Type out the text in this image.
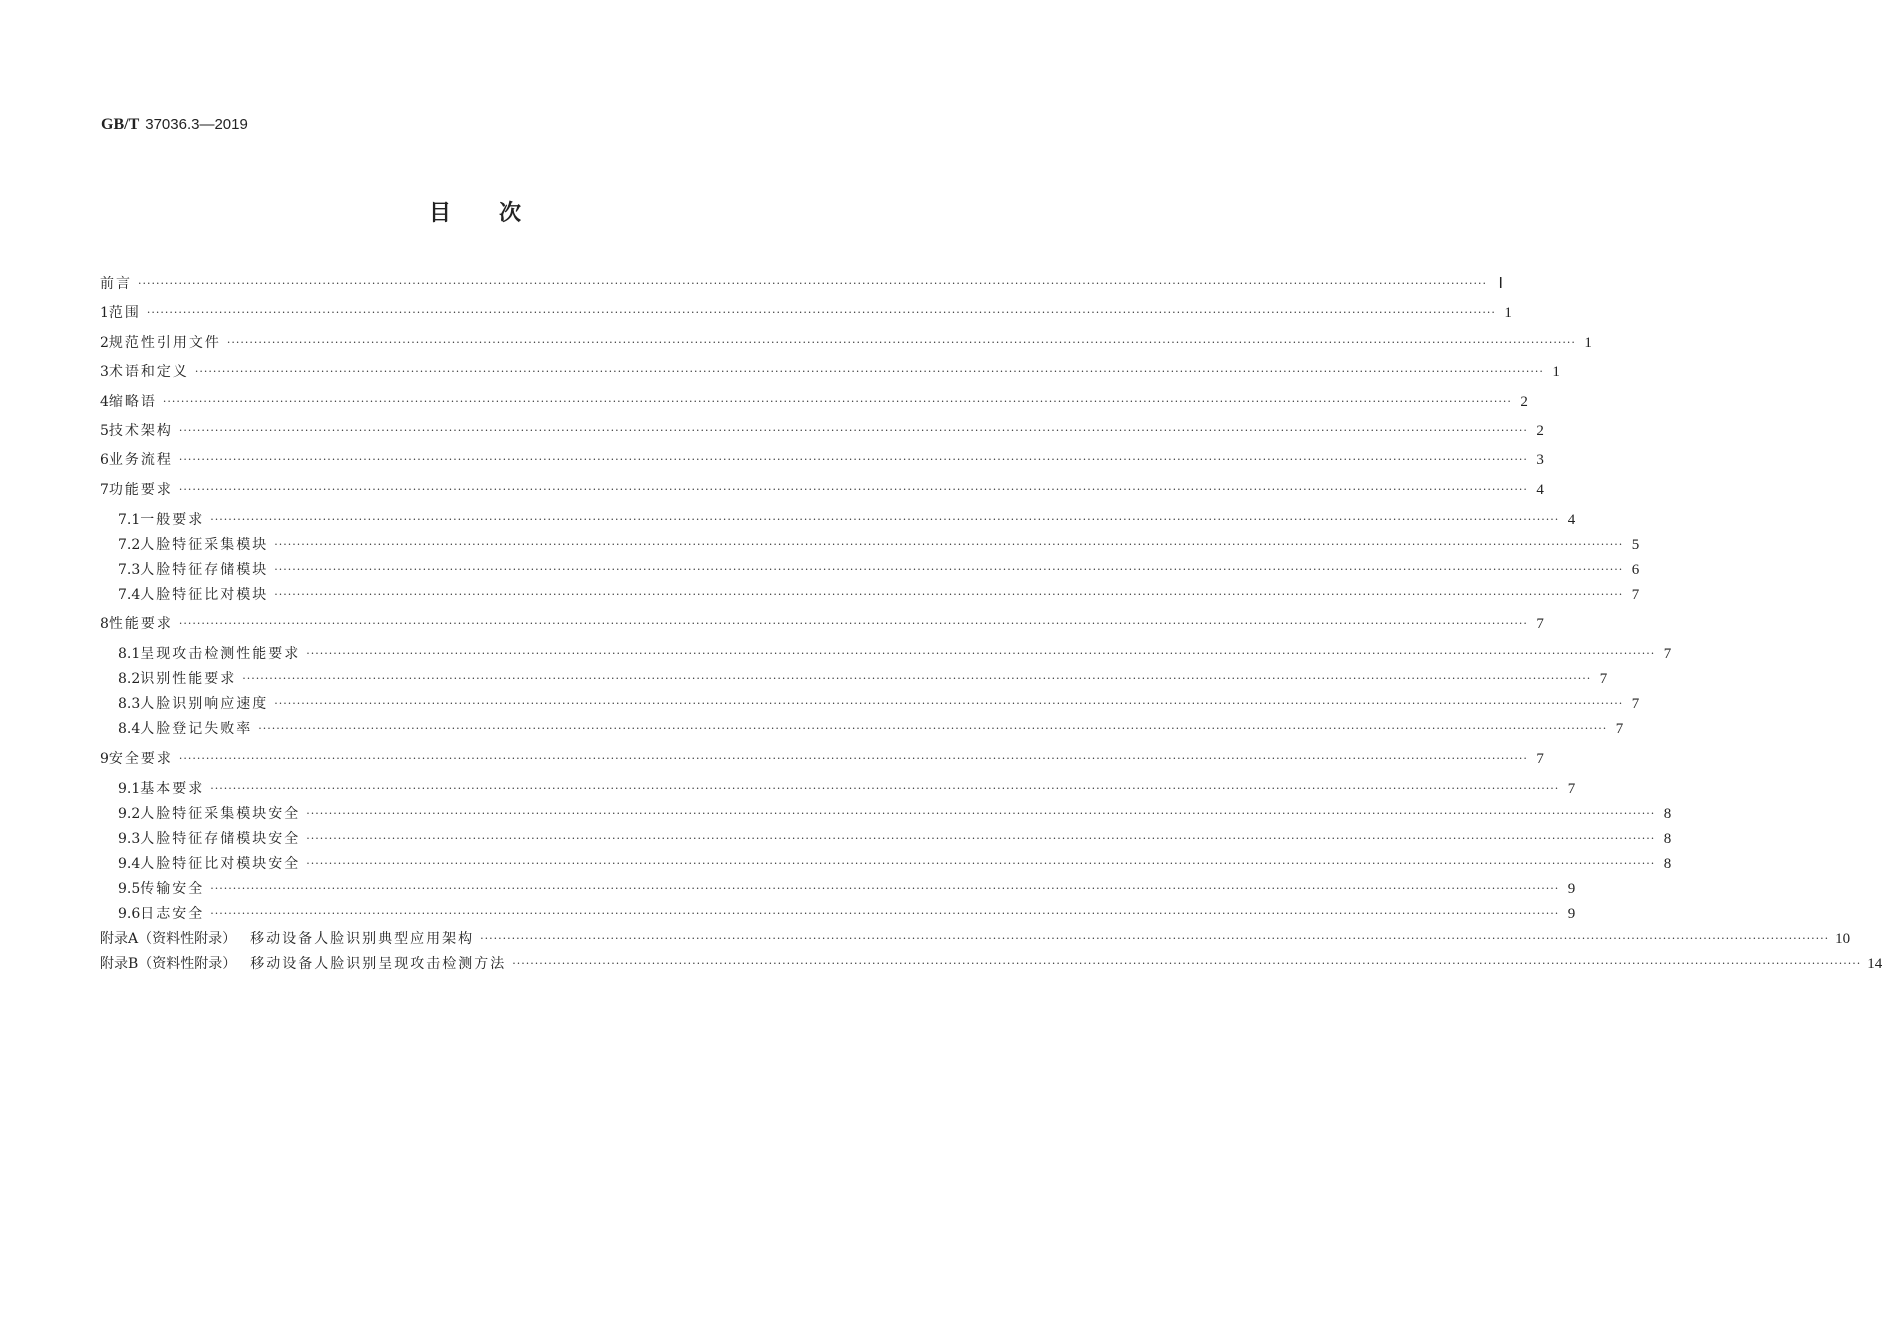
GB/T 37036.3—2019
目次
前言 ············································································································································································································································································································ Ⅰ
1 范围 ············································································································································································································································································································ 1
2 规范性引用文件 ············································································································································································································································································································ 1
3 术语和定义 ············································································································································································································································································································ 1
4 缩略语 ············································································································································································································································································································ 2
5 技术架构 ············································································································································································································································································································ 2
6 业务流程 ············································································································································································································································································································ 3
7 功能要求 ············································································································································································································································································································ 4
7.1 一般要求 ············································································································································································································································································································ 4
7.2 人脸特征采集模块 ············································································································································································································································································································ 5
7.3 人脸特征存储模块 ············································································································································································································································································································ 6
7.4 人脸特征比对模块 ············································································································································································································································································································ 7
8 性能要求 ············································································································································································································································································································ 7
8.1 呈现攻击检测性能要求 ············································································································································································································································································································ 7
8.2 识别性能要求 ············································································································································································································································································································ 7
8.3 人脸识别响应速度 ············································································································································································································································································································ 7
8.4 人脸登记失败率 ············································································································································································································································································································ 7
9 安全要求 ············································································································································································································································································································ 7
9.1 基本要求 ············································································································································································································································································································ 7
9.2 人脸特征采集模块安全 ············································································································································································································································································································ 8
9.3 人脸特征存储模块安全 ············································································································································································································································································································ 8
9.4 人脸特征比对模块安全 ············································································································································································································································································································ 8
9.5 传输安全 ············································································································································································································································································································ 9
9.6 日志安全 ············································································································································································································································································································ 9
附录A（资料性附录） 移动设备人脸识别典型应用架构 ············································································································································································································································································································ 10
附录B（资料性附录） 移动设备人脸识别呈现攻击检测方法 ············································································································································································································································································································ 14
